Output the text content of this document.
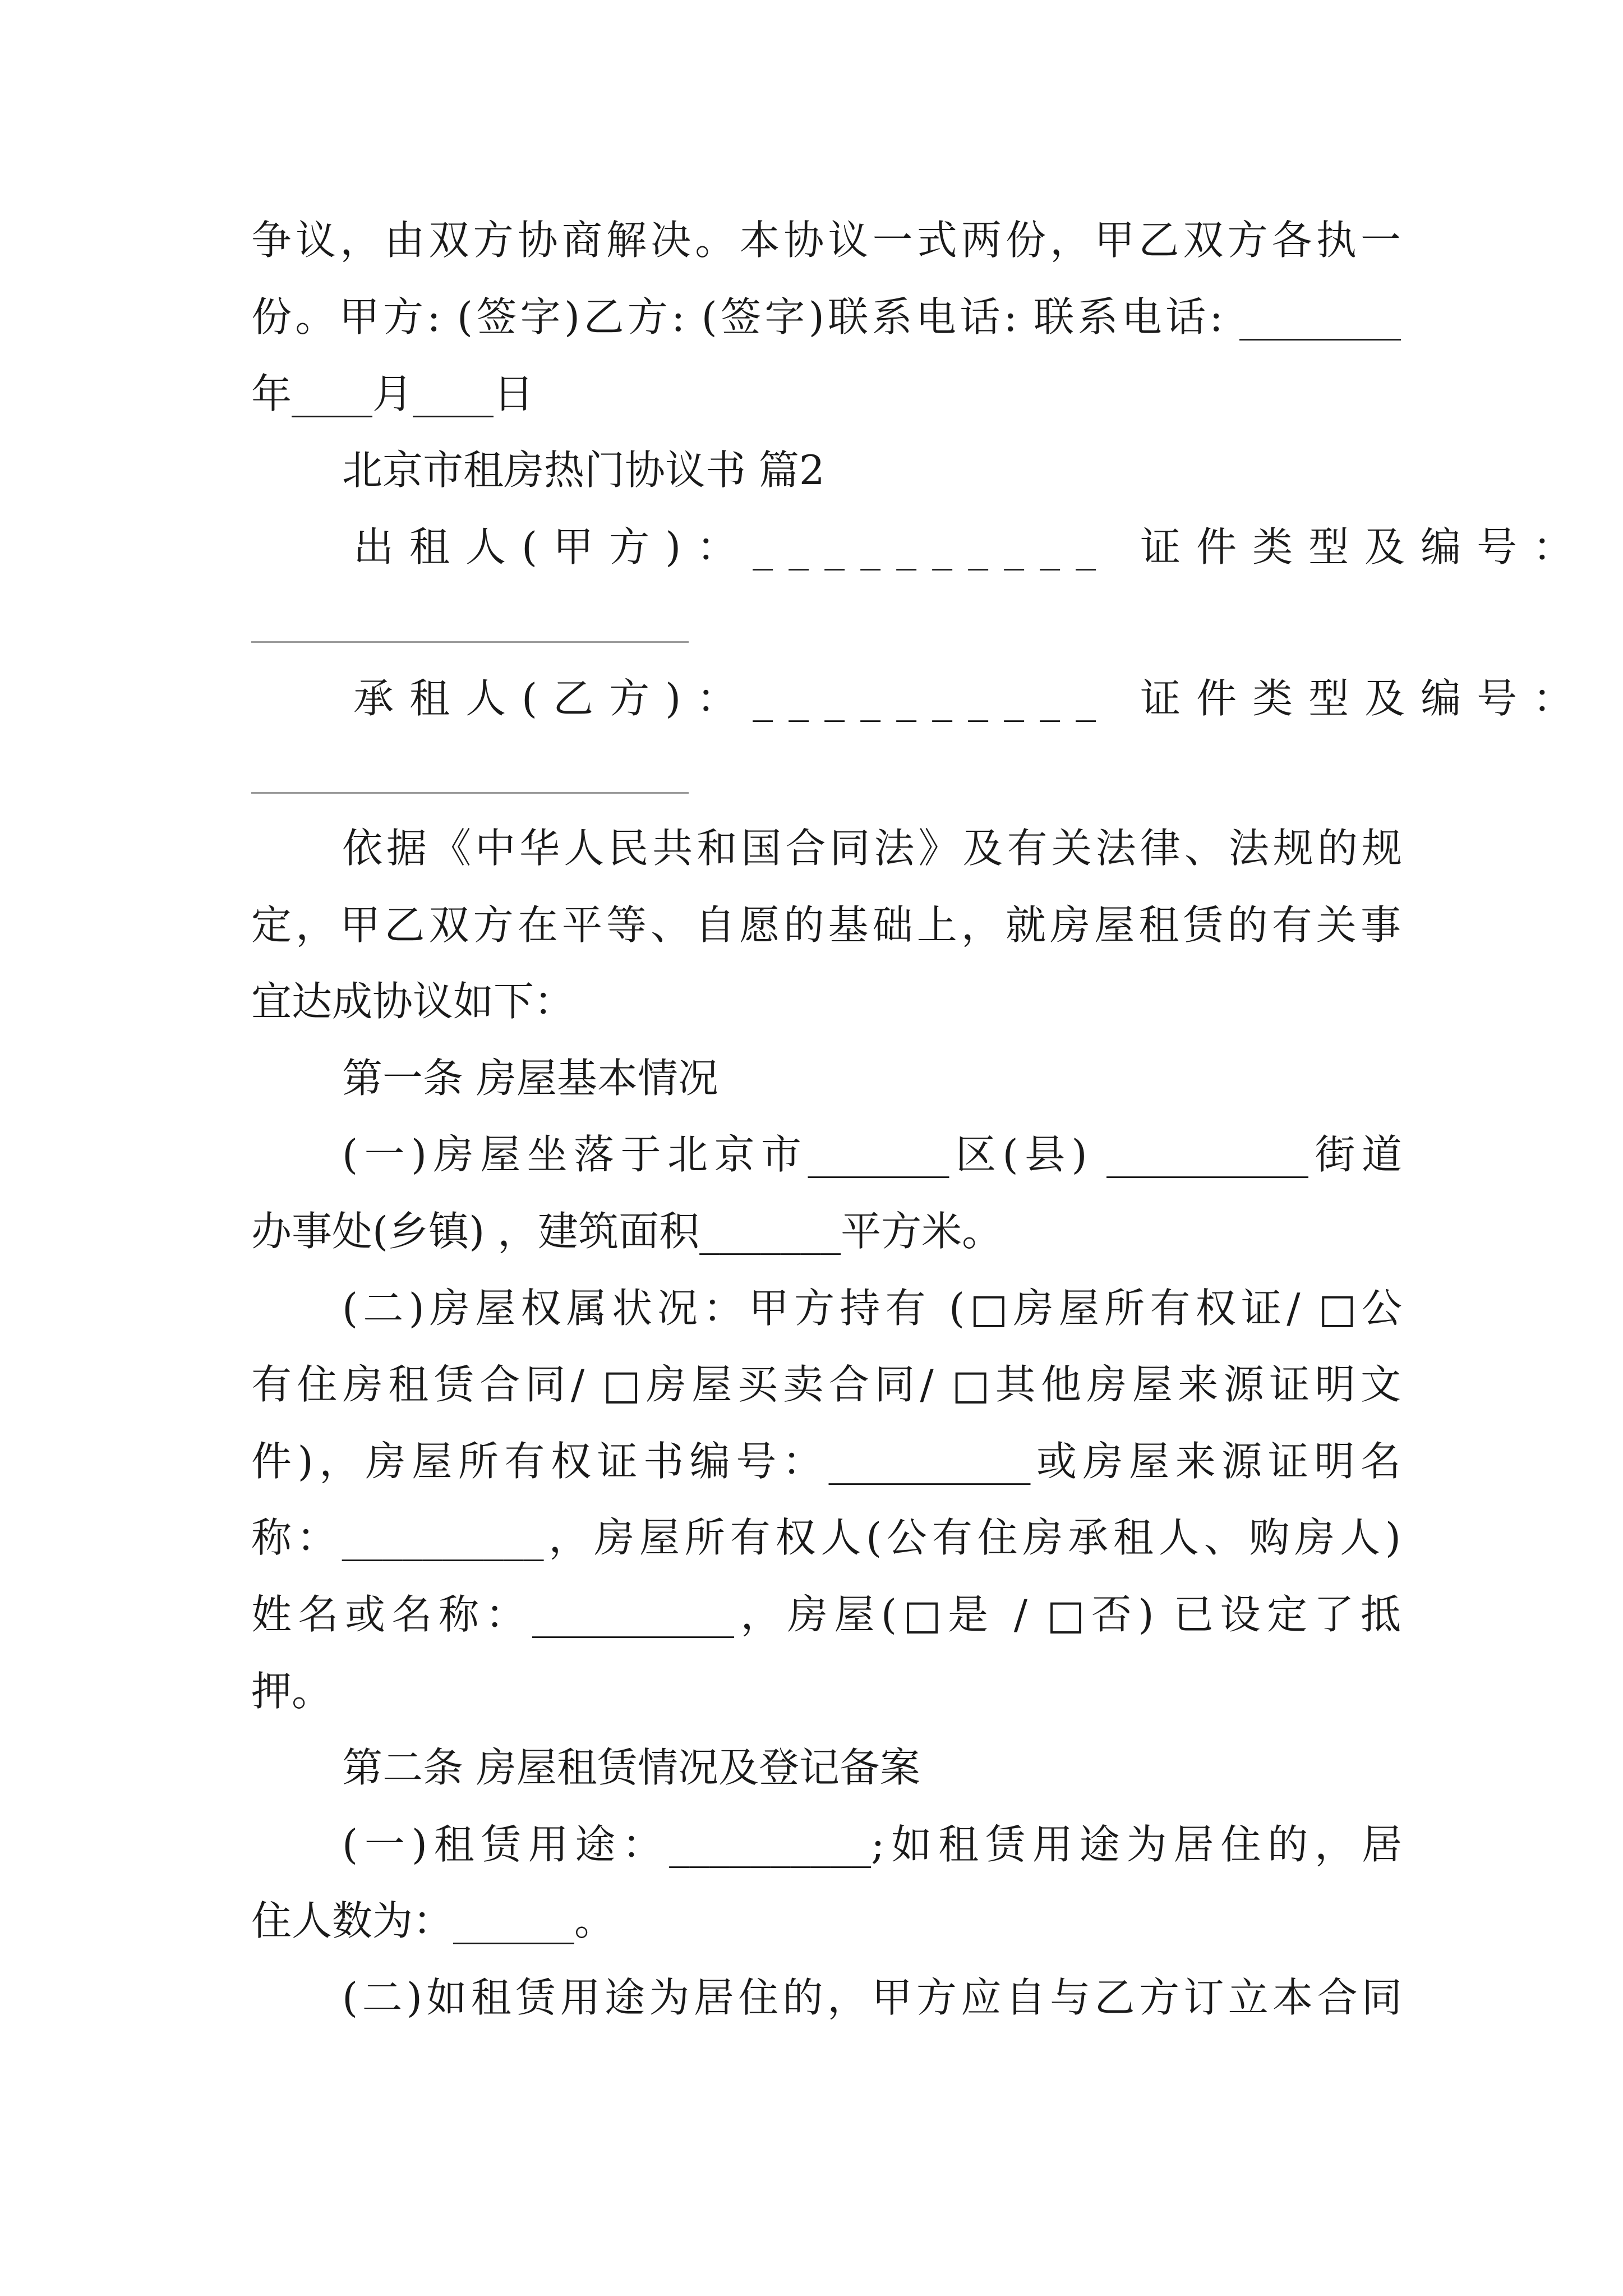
争议，由双方协商解决。本协议一式两份，甲乙双方各执一
份。甲方: (签字)乙方: (签字)联系电话: 联系电话: ________
年____月____日
北京市租房热门协议书 篇2
出租人(甲方)：__________ 证件类型及编号：
承租人(乙方)：__________ 证件类型及编号：
依据《中华人民共和国合同法》及有关法律、法规的规
定，甲乙双方在平等、自愿的基础上，就房屋租赁的有关事
宜达成协议如下：
第一条 房屋基本情况
(一)房屋坐落于北京市_______区(县) __________街道
办事处(乡镇) ，建筑面积_______平方米。
(二)房屋权属状况：甲方持有 (□房屋所有权证/ □公
有住房租赁合同/ □房屋买卖合同/ □其他房屋来源证明文
件)，房屋所有权证书编号：__________或房屋来源证明名
称：__________，房屋所有权人(公有住房承租人、购房人)
姓名或名称：__________，房屋(□是 / □否) 已设定了抵
押。
第二条 房屋租赁情况及登记备案
(一)租赁用途：__________;如租赁用途为居住的，居
住人数为：______。
(二)如租赁用途为居住的，甲方应自与乙方订立本合同
